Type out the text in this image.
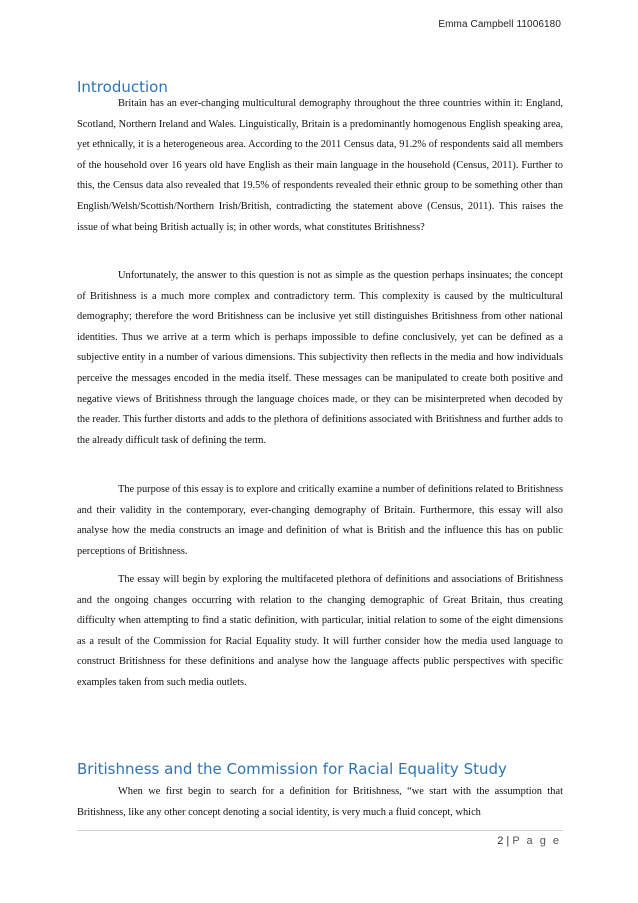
Emma Campbell 11006180
Introduction

Britain has an ever-changing multicultural demography throughout the three countries within it: England, Scotland, Northern Ireland and Wales. Linguistically, Britain is a predominantly homogenous English speaking area, yet ethnically, it is a heterogeneous area. According to the 2011 Census data, 91.2% of respondents said all members of the household over 16 years old have English as their main language in the household (Census, 2011). Further to this, the Census data also revealed that 19.5% of respondents revealed their ethnic group to be something other than English/Welsh/Scottish/Northern Irish/British, contradicting the statement above (Census, 2011). This raises the issue of what being British actually is; in other words, what constitutes Britishness?

Unfortunately, the answer to this question is not as simple as the question perhaps insinuates; the concept of Britishness is a much more complex and contradictory term. This complexity is caused by the multicultural demography; therefore the word Britishness can be inclusive yet still distinguishes Britishness from other national identities. Thus we arrive at a term which is perhaps impossible to define conclusively, yet can be defined as a subjective entity in a number of various dimensions. This subjectivity then reflects in the media and how individuals perceive the messages encoded in the media itself. These messages can be manipulated to create both positive and negative views of Britishness through the language choices made, or they can be misinterpreted when decoded by the reader. This further distorts and adds to the plethora of definitions associated with Britishness and further adds to the already difficult task of defining the term.

The purpose of this essay is to explore and critically examine a number of definitions related to Britishness and their validity in the contemporary, ever-changing demography of Britain. Furthermore, this essay will also analyse how the media constructs an image and definition of what is British and the influence this has on public perceptions of Britishness.

The essay will begin by exploring the multifaceted plethora of definitions and associations of Britishness and the ongoing changes occurring with relation to the changing demographic of Great Britain, thus creating difficulty when attempting to find a static definition, with particular, initial relation to some of the eight dimensions as a result of the Commission for Racial Equality study. It will further consider how the media used language to construct Britishness for these definitions and analyse how the language affects public perspectives with specific examples taken from such media outlets.

Britishness and the Commission for Racial Equality Study

When we first begin to search for a definition for Britishness, “we start with the assumption that Britishness, like any other concept denoting a social identity, is very much a fluid concept, which

2 | P a g e
